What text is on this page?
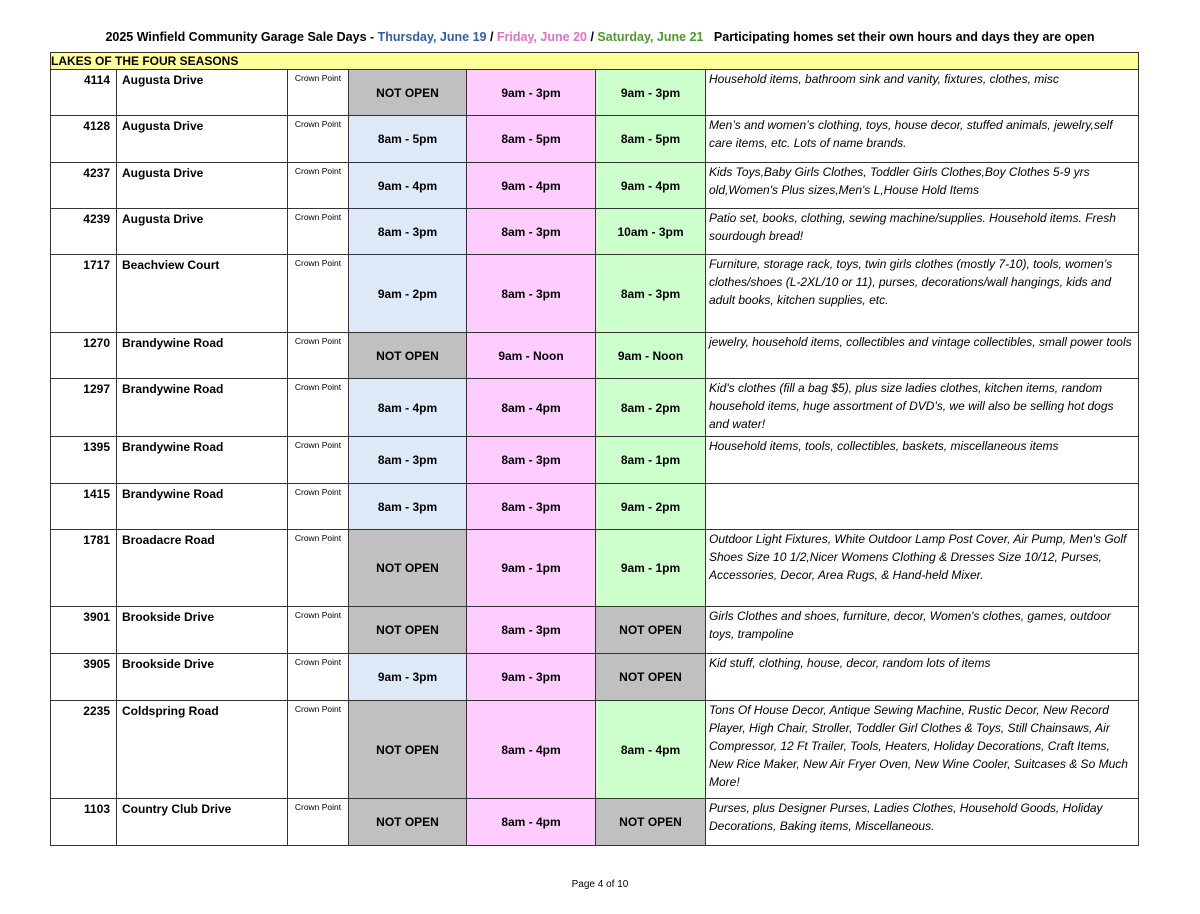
2025 Winfield Community Garage Sale Days - Thursday, June 19 / Friday, June 20 / Saturday, June 21 Participating homes set their own hours and days they are open
LAKES OF THE FOUR SEASONS						
4114	Augusta Drive	Crown Point	NOT OPEN	9am - 3pm	9am - 3pm	Household items, bathroom sink and vanity, fixtures, clothes, misc
4128	Augusta Drive	Crown Point	8am - 5pm	8am - 5pm	8am - 5pm	Men’s and women’s clothing, toys, house decor, stuffed animals, jewelry,self care items, etc. Lots of name brands.
4237	Augusta Drive	Crown Point	9am - 4pm	9am - 4pm	9am - 4pm	Kids Toys,Baby Girls Clothes, Toddler Girls Clothes,Boy Clothes 5-9 yrs old,Women's Plus sizes,Men's L,House Hold Items
4239	Augusta Drive	Crown Point	8am - 3pm	8am - 3pm	10am - 3pm	Patio set, books, clothing, sewing machine/supplies. Household items. Fresh sourdough bread!
1717	Beachview Court	Crown Point	9am - 2pm	8am - 3pm	8am - 3pm	Furniture, storage rack, toys, twin girls clothes (mostly 7-10), tools, women’s clothes/shoes (L-2XL/10 or 11), purses, decorations/wall hangings, kids and adult books, kitchen supplies, etc.
1270	Brandywine Road	Crown Point	NOT OPEN	9am - Noon	9am - Noon	jewelry, household items, collectibles and vintage collectibles, small power tools
1297	Brandywine Road	Crown Point	8am - 4pm	8am - 4pm	8am - 2pm	Kid's clothes (fill a bag $5), plus size ladies clothes, kitchen items, random household items, huge assortment of DVD's, we will also be selling hot dogs and water!
1395	Brandywine Road	Crown Point	8am - 3pm	8am - 3pm	8am - 1pm	Household items, tools, collectibles, baskets, miscellaneous items
1415	Brandywine Road	Crown Point	8am - 3pm	8am - 3pm	9am - 2pm	
1781	Broadacre Road	Crown Point	NOT OPEN	9am - 1pm	9am - 1pm	Outdoor Light Fixtures, White Outdoor Lamp Post Cover, Air Pump, Men's Golf Shoes Size 10 1/2,Nicer Womens Clothing & Dresses Size 10/12, Purses, Accessories, Decor, Area Rugs, & Hand-held Mixer.
3901	Brookside Drive	Crown Point	NOT OPEN	8am - 3pm	NOT OPEN	Girls Clothes and shoes, furniture, decor, Women's clothes, games, outdoor toys, trampoline
3905	Brookside Drive	Crown Point	9am - 3pm	9am - 3pm	NOT OPEN	Kid stuff, clothing, house, decor, random lots of items
2235	Coldspring Road	Crown Point	NOT OPEN	8am - 4pm	8am - 4pm	Tons Of House Decor, Antique Sewing Machine, Rustic Decor, New Record Player, High Chair, Stroller, Toddler Girl Clothes & Toys, Still Chainsaws, Air Compressor, 12 Ft Trailer, Tools, Heaters, Holiday Decorations, Craft Items, New Rice Maker, New Air Fryer Oven, New Wine Cooler, Suitcases & So Much More!
1103	Country Club Drive	Crown Point	NOT OPEN	8am - 4pm	NOT OPEN	Purses, plus Designer Purses, Ladies Clothes, Household Goods, Holiday Decorations, Baking items, Miscellaneous.
Page 4 of 10
